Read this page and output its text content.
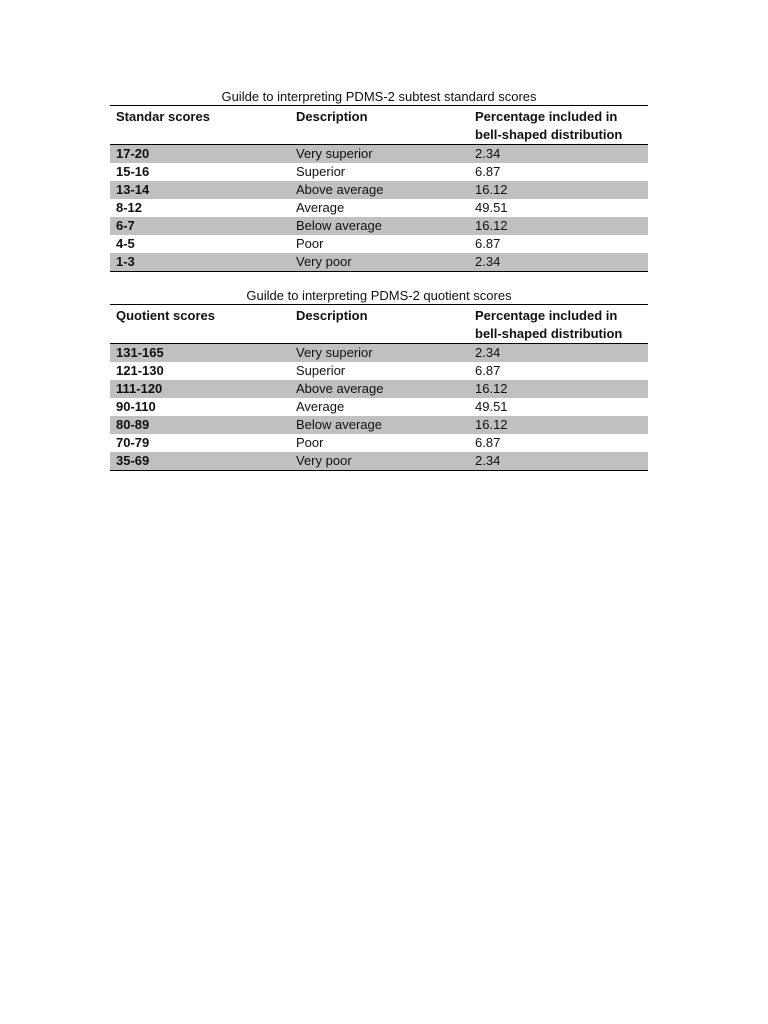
Guilde to interpreting PDMS-2 subtest standard scores
Standar scores	Description	Percentage included in bell-shaped distribution
17-20	Very superior	2.34
15-16	Superior	6.87
13-14	Above average	16.12
8-12	Average	49.51
6-7	Below average	16.12
4-5	Poor	6.87
1-3	Very poor	2.34
Guilde to interpreting PDMS-2 quotient scores
Quotient scores	Description	Percentage included in bell-shaped distribution
131-165	Very superior	2.34
121-130	Superior	6.87
111-120	Above average	16.12
90-110	Average	49.51
80-89	Below average	16.12
70-79	Poor	6.87
35-69	Very poor	2.34
